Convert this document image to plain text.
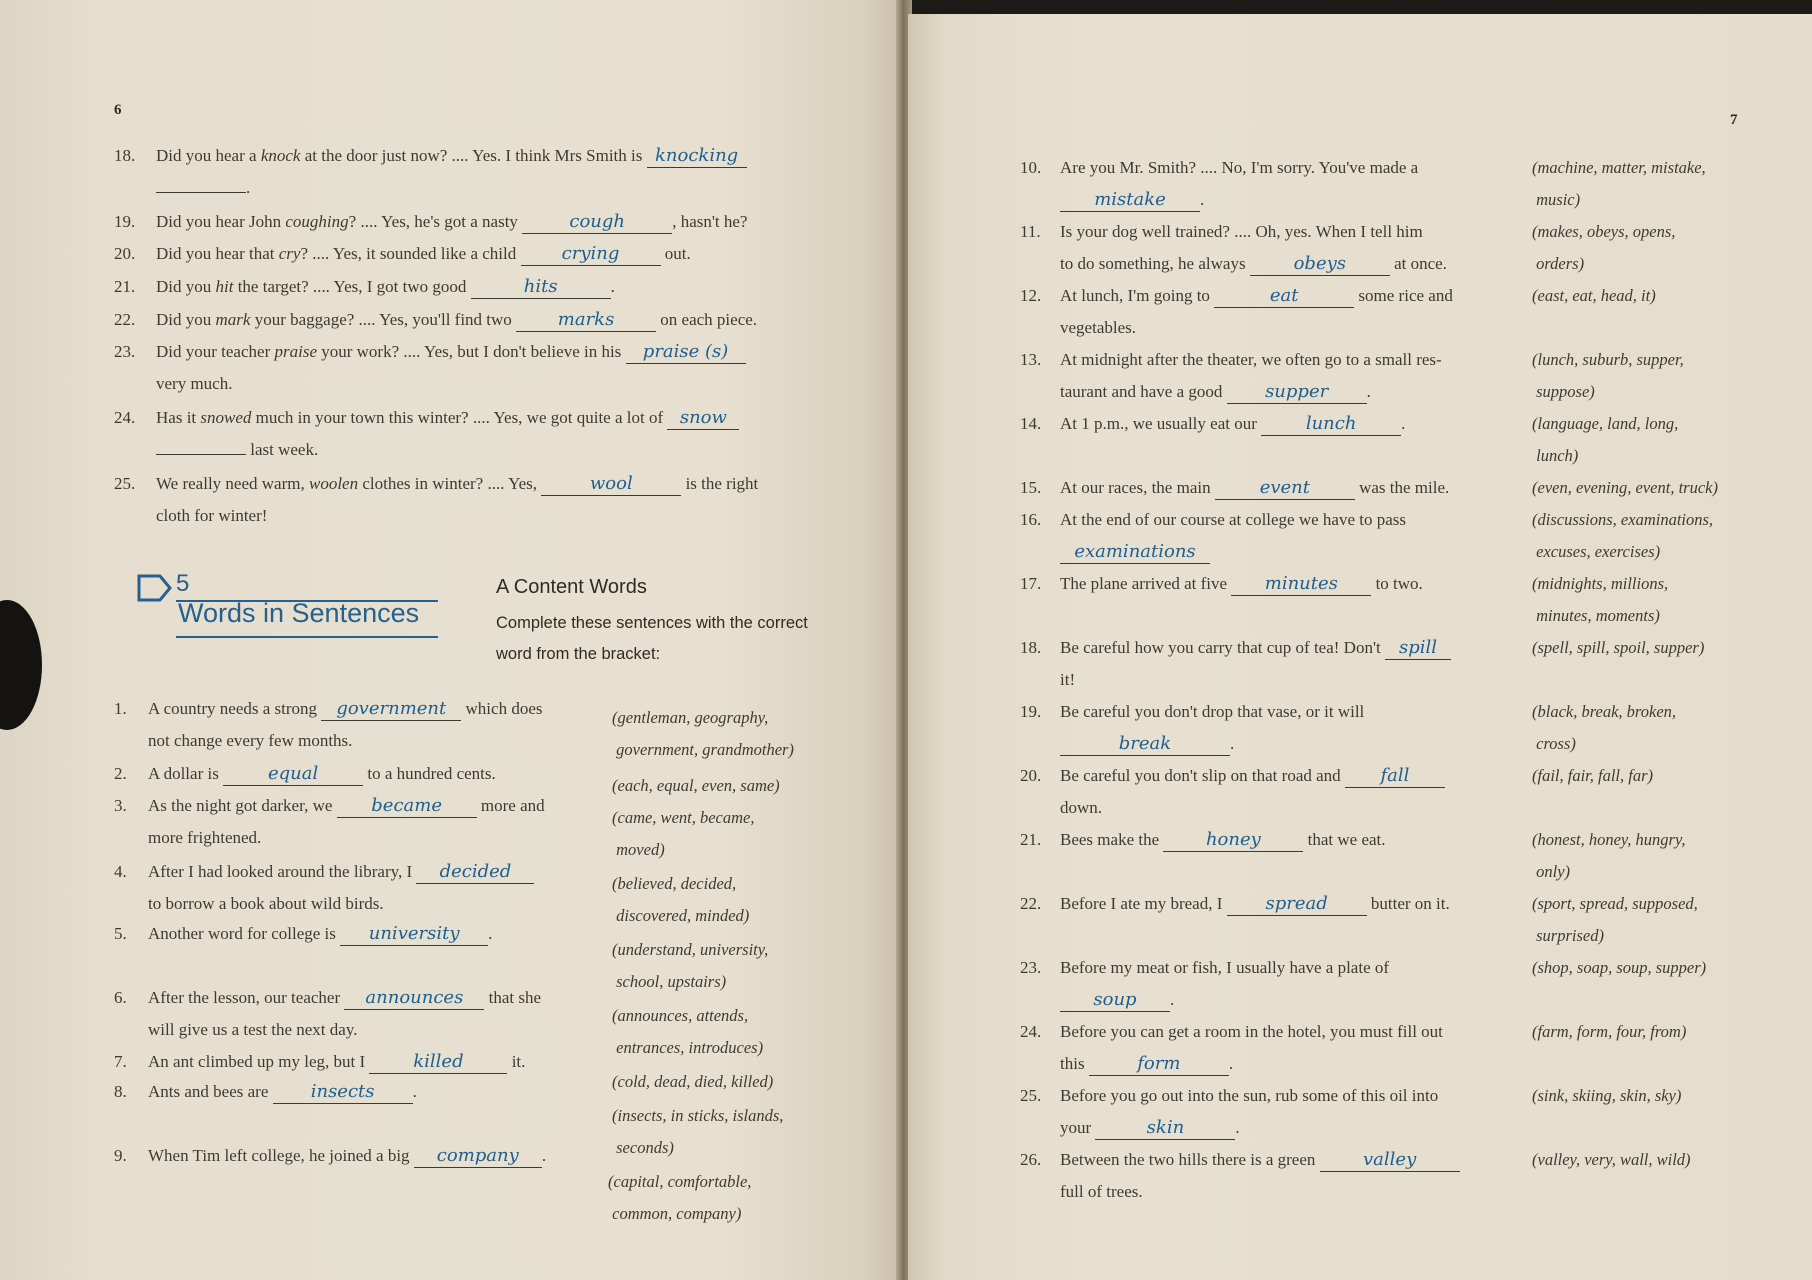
6
18. Did you hear a knock at the door just now? .... Yes. I think Mrs Smith is knocking
.
19. Did you hear John coughing? .... Yes, he's got a nasty	cough	, hasn't he?
20. Did you hear that cry? .... Yes, it sounded like a child	crying	out.
21. Did you hit the target? .... Yes, I got two good	hits	.
22. Did you mark your baggage? .... Yes, you'll find two	marks	on each piece.
23. Did your teacher praise your work? .... Yes, but I don't believe in his praise (s)
very much.
24. Has it snowed much in your town this winter? .... Yes, we got quite a lot of snow
last week.
25. We really need warm, woolen clothes in winter? .... Yes,	wool	is the right
cloth for winter!
5
Words in Sentences
A Content Words
Complete these sentences with the correct
word from the bracket:
1. A country needs a strong government which does
not change every few months.
(gentleman, geography,
government, grandmother)
2. A dollar is	equal	to a hundred cents.
(each, equal, even, same)
3. As the night got darker, we became more and
more frightened.
(came, went, became,
moved)
4. After I had looked around the library, I decided
to borrow a book about wild birds.
(believed, decided,
discovered, minded)
5. Another word for college is university .
(understand, university,
school, upstairs)
6. After the lesson, our teacher announces that she
will give us a test the next day.
(announces, attends,
entrances, introduces)
7. An ant climbed up my leg, but I	killed	it.
(cold, dead, died, killed)
8. Ants and bees are insects .
(insects, in sticks, islands,
seconds)
9. When Tim left college, he joined a big company .
(capital, comfortable,
common, company)
7
10. Are you Mr. Smith? .... No, I'm sorry. You've made a
mistake .
(machine, matter, mistake,
music)
11. Is your dog well trained? .... Oh, yes. When I tell him
to do something, he always	obeys	at once.
(makes, obeys, opens,
orders)
12. At lunch, I'm going to	eat	some rice and
vegetables.
(east, eat, head, it)
13. At midnight after the theater, we often go to a small res-
taurant and have a good supper .
(lunch, suburb, supper,
suppose)
14. At 1 p.m., we usually eat our	lunch	.	(language, land, long,
lunch)
15. At our races, the main	event	was the mile.	(even, evening, event, truck)
16. At the end of our course at college we have to pass
examinations
(discussions, examinations,
excuses, exercises)
17. The plane arrived at five minutes to two.	(midnights, millions,
minutes, moments)
18. Be careful how you carry that cup of tea! Don't spill
it!
(spell, spill, spoil, supper)
19. Be careful you don't drop that vase, or it will
break	.
(black, break, broken,
cross)
20. Be careful you don't slip on that road and fall
down.
(fail, fair, fall, far)
21. Bees make the	honey	that we eat.	(honest, honey, hungry,
only)
22. Before I ate my bread, I spread	butter on it.	(sport, spread, supposed,
surprised)
23. Before my meat or fish, I usually have a plate of
soup .
(shop, soap, soup, supper)
24. Before you can get a room in the hotel, you must fill out
this	form	.
(farm, form, four, from)
25. Before you go out into the sun, rub some of this oil into
your	skin	.
(sink, skiing, skin, sky)
26. Between the two hills there is a green	valley
full of trees.
(valley, very, wall, wild)
